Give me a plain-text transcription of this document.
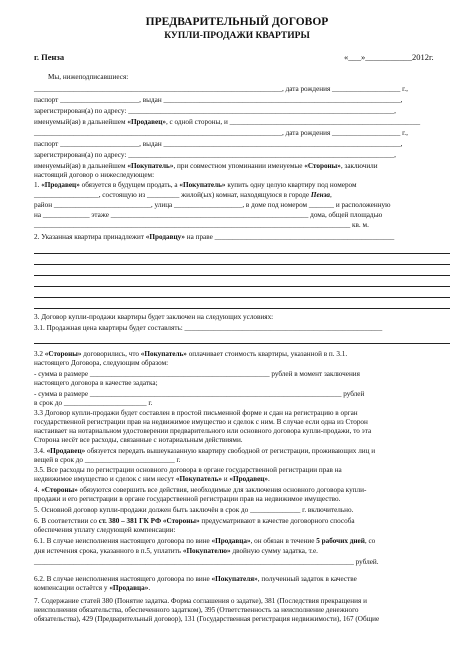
ПРЕДВАРИТЕЛЬНЫЙ ДОГОВОР
КУПЛИ-ПРОДАЖИ КВАРТИРЫ
г. Пенза	«___»___________2012г.
Мы, нижеподписавшиеся:
_____________________________________________________________________, дата рождения ___________________ г.,
паспорт ______________________, выдан __________________________________________________________________,
зарегистрирован(а) по адресу: __________________________________________________________________________,
именуемый(ая) в дальнейшем «Продавец», с одной стороны, и _____________________________________________________
_____________________________________________________________________, дата рождения ___________________ г.,
паспорт ______________________, выдан __________________________________________________________________,
зарегистрирован(а) по адресу: __________________________________________________________________________,
именуемый(ая) в дальнейшем «Покупатель», при совместном упоминании именуемые «Стороны», заключили
настоящий договор о нижеследующем:
1. «Продавец» обязуется в будущем продать, а «Покупатель» купить одну целую квартиру под номером
__________________, состоящую из _________ жилой(ых) комнат, находящуюся в городе Пенза,
район ___________________________, улица ___________________, в доме под номером _______ и расположенную
на _____________ этаже _______________________________________________________ дома, общей площадью
________________________________________________________________________________________ кв. м.
2. Указанная квартира принадлежит «Продавцу» на праве __________________________________________________
3. Договор купли-продажи квартиры будет заключен на следующих условиях:
3.1. Продажная цена квартиры будет составлять: _______________________________________________________
3.2 «Стороны» договорились, что «Покупатель» оплачивает стоимость квартиры, указанной в п. 3.1.
настоящего Договора, следующим образом:
- сумма в размере __________________________________________________ рублей в момент заключения
настоящего договора в качестве задатка;
- сумма в размере ______________________________________________________________________ рублей
в срок до _______________________ г.
3.3 Договор купли-продажи будет составлен в простой письменной форме и сдан на регистрацию в орган
государственной регистрации прав на недвижимое имущество и сделок с ним. В случае если одна из Сторон
настаивает на нотариальном удостоверении предварительного или основного договора купли-продажи, то эта
Сторона несёт все расходы, связанные с нотариальным действиями.
3.4. «Продавец» обязуется передать вышеуказанную квартиру свободной от регистрации, проживающих лиц и
вещей в срок до _________________________ г.
3.5. Все расходы по регистрации основного договора в органе государственной регистрации прав на
недвижимое имущество и сделок с ним несут «Покупатель» и «Продавец».
4. «Стороны» обязуются совершить все действия, необходимые для заключения основного договора купли-
продажи и его регистрации в органе государственной регистрации прав на недвижимое имущество.
5. Основной договор купли-продажи должен быть заключён в срок до ______________ г. включительно.
6. В соответствии со ст. 380 – 381 ГК РФ «Стороны» предусматривают в качестве договорного способа
обеспечения уплату следующей компенсации:
6.1. В случае неисполнения настоящего договора по вине «Продавца», он обязан в течение 5 рабочих дней, со
дня истечения срока, указанного в п.5, уплатить «Покупателю» двойную сумму задатка, т.е.
_________________________________________________________________________________________ рублей.
6.2. В случае неисполнения настоящего договора по вине «Покупателя», полученный задаток в качестве
компенсации остаётся у «Продавца».
7. Содержание статей 380 (Понятие задатка. Форма соглашения о задатке), 381 (Последствия прекращения и
неисполнения обязательства, обеспеченного задатком), 395 (Ответственность за неисполнение денежного
обязательства), 429 (Предварительный договор), 131 (Государственная регистрация недвижимости), 167 (Общие
